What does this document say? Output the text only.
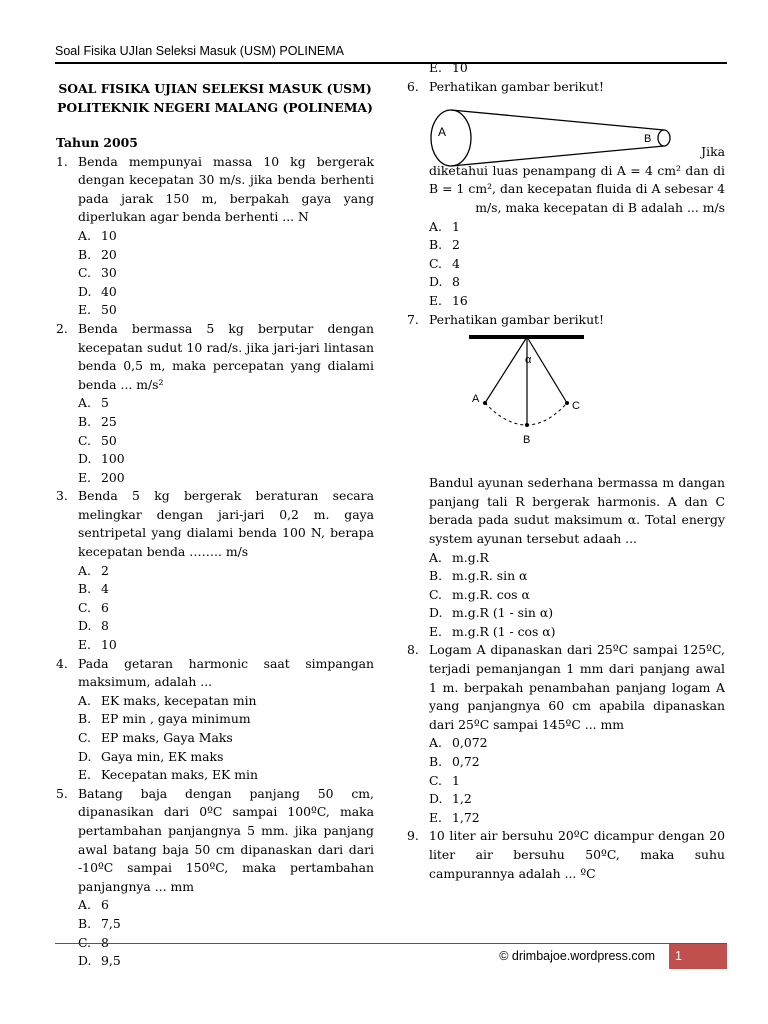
Soal Fisika UJIan Seleksi Masuk (USM) POLINEMA
SOAL FISIKA UJIAN SELEKSI MASUK (USM)
POLITEKNIK NEGERI MALANG (POLINEMA)
Tahun 2005
1. Benda mempunyai massa 10 kg bergerak dengan kecepatan 30 m/s. jika benda berhenti pada jarak 150 m, berpakah gaya yang diperlukan agar benda berhenti ... N
A. 10
B. 20
C. 30
D. 40
E. 50
2. Benda bermassa 5 kg berputar dengan kecepatan sudut 10 rad/s. jika jari-jari lintasan benda 0,5 m, maka percepatan yang dialami benda ... m/s²
A. 5
B. 25
C. 50
D. 100
E. 200
3. Benda 5 kg bergerak beraturan secara melingkar dengan jari-jari 0,2 m. gaya sentripetal yang dialami benda 100 N, berapa kecepatan benda …….. m/s
A. 2
B. 4
C. 6
D. 8
E. 10
4. Pada getaran harmonic saat simpangan maksimum, adalah ...
A. EK maks, kecepatan min
B. EP min , gaya minimum
C. EP maks, Gaya Maks
D. Gaya min, EK maks
E. Kecepatan maks, EK min
5. Batang baja dengan panjang 50 cm, dipanasikan dari 0ºC sampai 100ºC, maka pertambahan panjangnya 5 mm. jika panjang awal batang baja 50 cm dipanaskan dari dari -10ºC sampai 150ºC, maka pertambahan panjangnya ... mm
A. 6
B. 7,5
C. 8
D. 9,5
E. 10
6. Perhatikan gambar berikut!
A	B
Jika
diketahui luas penampang di A = 4 cm² dan di B = 1 cm², dan kecepatan fluida di A sebesar 4 m/s, maka kecepatan di B adalah ... m/s
A. 1
B. 2
C. 4
D. 8
E. 16
7. Perhatikan gambar berikut!
α
A
B
C
Bandul ayunan sederhana bermassa m dangan panjang tali R bergerak harmonis. A dan C berada pada sudut maksimum α. Total energy system ayunan tersebut adaah ...
A. m.g.R
B. m.g.R. sin α
C. m.g.R. cos α
D. m.g.R (1 - sin α)
E. m.g.R (1 - cos α)
8. Logam A dipanaskan dari 25ºC sampai 125ºC, terjadi pemanjangan 1 mm dari panjang awal 1 m. berpakah penambahan panjang logam A yang panjangnya 60 cm apabila dipanaskan dari 25ºC sampai 145ºC ... mm
A. 0,072
B. 0,72
C. 1
D. 1,2
E. 1,72
9. 10 liter air bersuhu 20ºC dicampur dengan 20 liter air bersuhu 50ºC, maka suhu campurannya adalah ... ºC
© drimbajoe.wordpress.com	1
